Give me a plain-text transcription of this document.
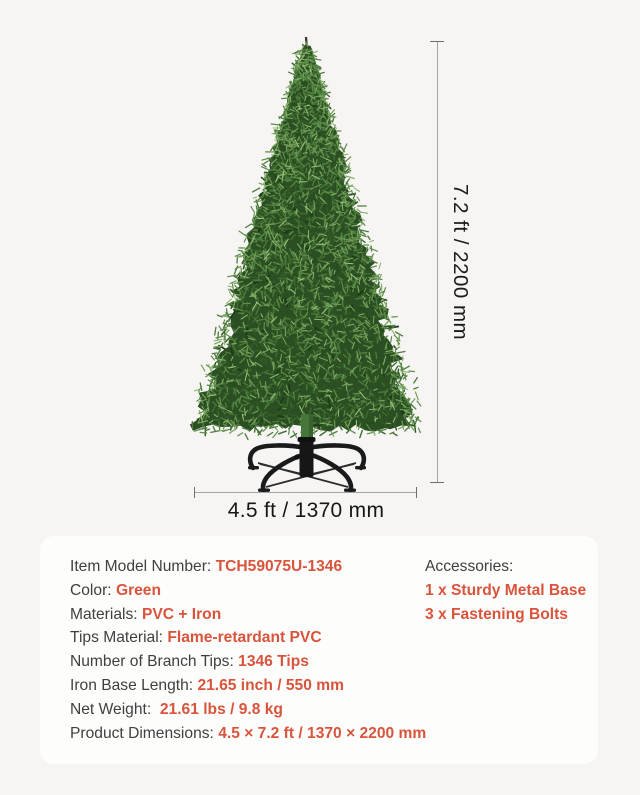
7.2 ft / 2200 mm
4.5 ft / 1370 mm
Item Model Number: TCH59075U-1346
Color: Green
Materials: PVC + Iron
Tips Material: Flame-retardant PVC
Number of Branch Tips: 1346 Tips
Iron Base Length: 21.65 inch / 550 mm
Net Weight:  21.61 lbs / 9.8 kg
Product Dimensions: 4.5 × 7.2 ft / 1370 × 2200 mm
Accessories:
1 x Sturdy Metal Base
3 x Fastening Bolts
